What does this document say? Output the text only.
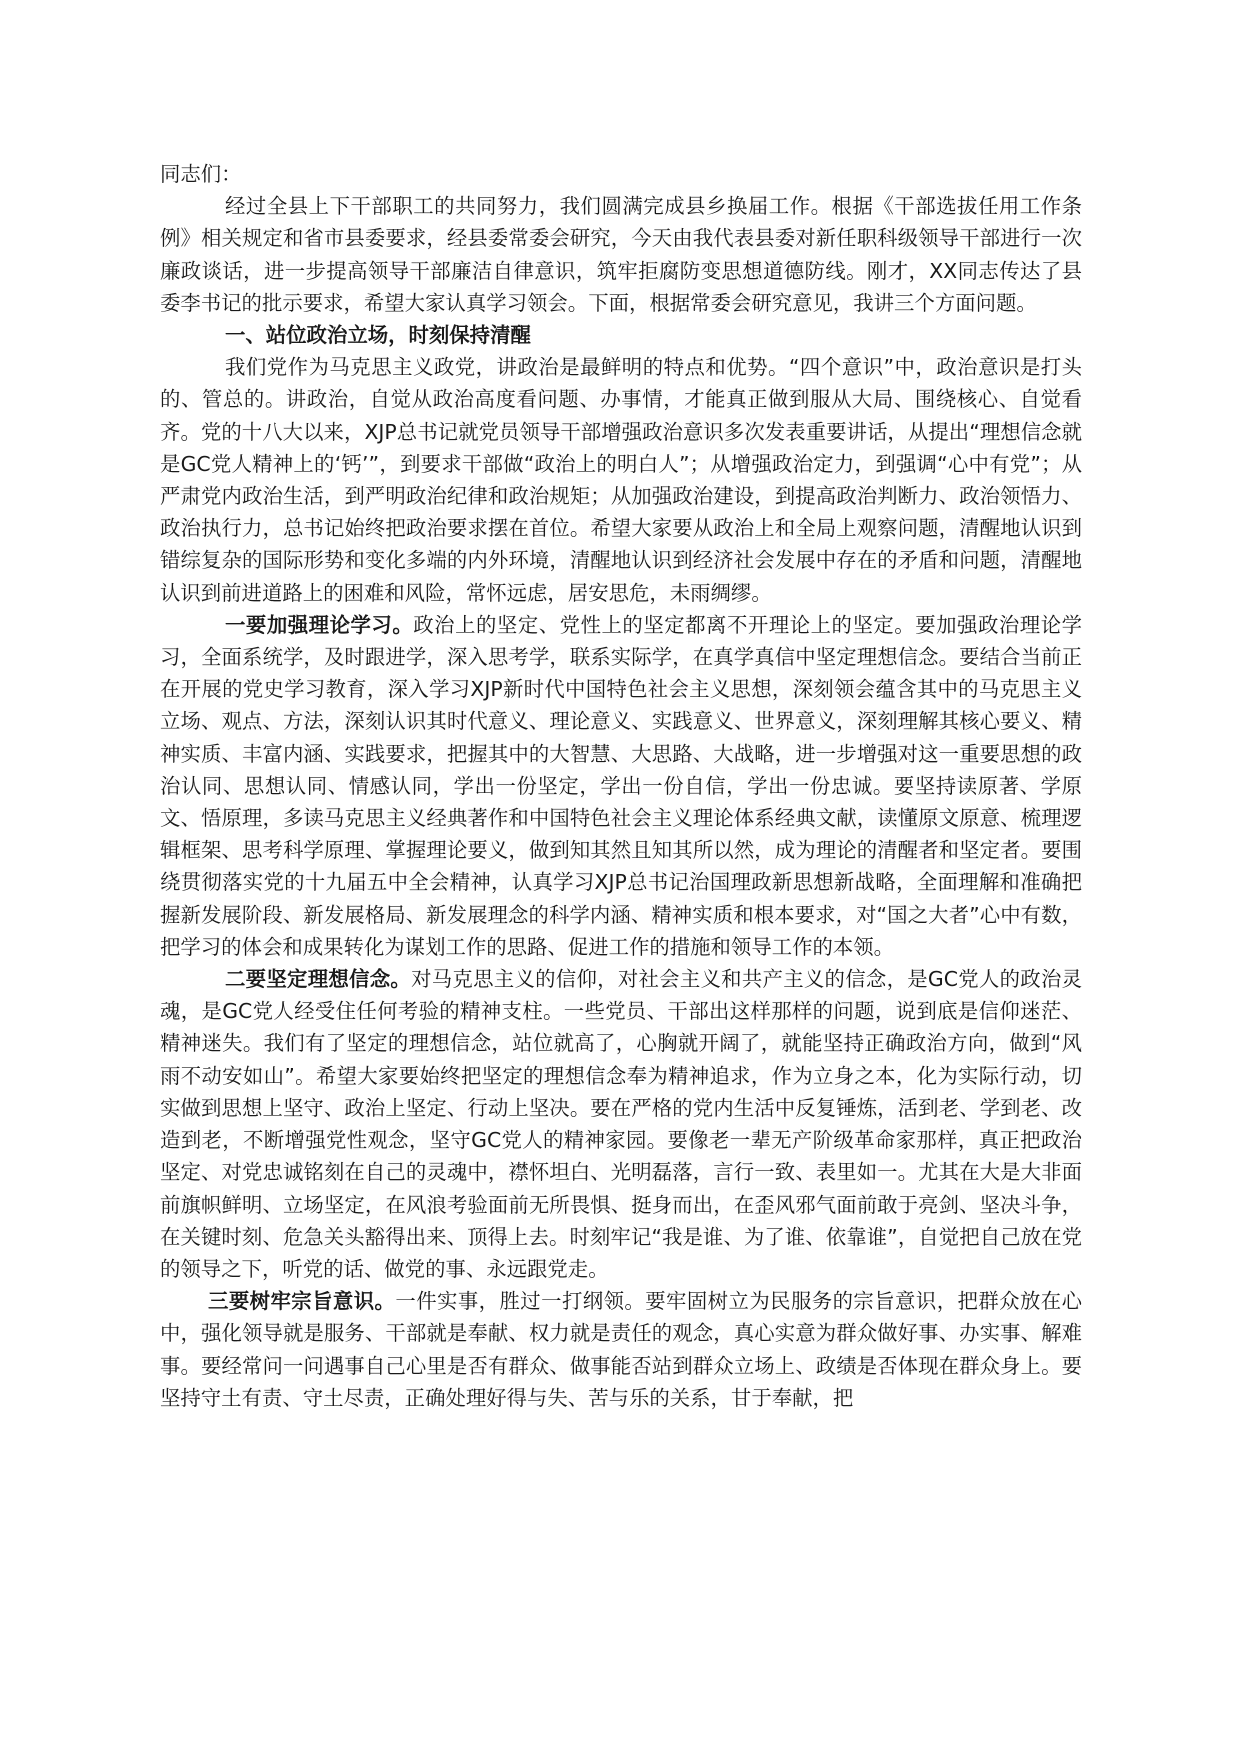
同志们：

经过全县上下干部职工的共同努力，我们圆满完成县乡换届工作。根据《干部选拔任用工作条例》相关规定和省市县委要求，经县委常委会研究，今天由我代表县委对新任职科级领导干部进行一次廉政谈话，进一步提高领导干部廉洁自律意识，筑牢拒腐防变思想道德防线。刚才，XX同志传达了县委李书记的批示要求，希望大家认真学习领会。下面，根据常委会研究意见，我讲三个方面问题。

一、站位政治立场，时刻保持清醒

我们党作为马克思主义政党，讲政治是最鲜明的特点和优势。“四个意识”中，政治意识是打头的、管总的。讲政治，自觉从政治高度看问题、办事情，才能真正做到服从大局、围绕核心、自觉看齐。党的十八大以来，XJP总书记就党员领导干部增强政治意识多次发表重要讲话，从提出“理想信念就是GC党人精神上的‘钙’”，到要求干部做“政治上的明白人”；从增强政治定力，到强调“心中有党”；从严肃党内政治生活，到严明政治纪律和政治规矩；从加强政治建设，到提高政治判断力、政治领悟力、政治执行力，总书记始终把政治要求摆在首位。希望大家要从政治上和全局上观察问题，清醒地认识到错综复杂的国际形势和变化多端的内外环境，清醒地认识到经济社会发展中存在的矛盾和问题，清醒地认识到前进道路上的困难和风险，常怀远虑，居安思危，未雨绸缪。

一要加强理论学习。政治上的坚定、党性上的坚定都离不开理论上的坚定。要加强政治理论学习，全面系统学，及时跟进学，深入思考学，联系实际学，在真学真信中坚定理想信念。要结合当前正在开展的党史学习教育，深入学习XJP新时代中国特色社会主义思想，深刻领会蕴含其中的马克思主义立场、观点、方法，深刻认识其时代意义、理论意义、实践意义、世界意义，深刻理解其核心要义、精神实质、丰富内涵、实践要求，把握其中的大智慧、大思路、大战略，进一步增强对这一重要思想的政治认同、思想认同、情感认同，学出一份坚定，学出一份自信，学出一份忠诚。要坚持读原著、学原文、悟原理，多读马克思主义经典著作和中国特色社会主义理论体系经典文献，读懂原文原意、梳理逻辑框架、思考科学原理、掌握理论要义，做到知其然且知其所以然，成为理论的清醒者和坚定者。要围绕贯彻落实党的十九届五中全会精神，认真学习XJP总书记治国理政新思想新战略，全面理解和准确把握新发展阶段、新发展格局、新发展理念的科学内涵、精神实质和根本要求，对“国之大者”心中有数，把学习的体会和成果转化为谋划工作的思路、促进工作的措施和领导工作的本领。

二要坚定理想信念。对马克思主义的信仰，对社会主义和共产主义的信念，是GC党人的政治灵魂，是GC党人经受住任何考验的精神支柱。一些党员、干部出这样那样的问题，说到底是信仰迷茫、精神迷失。我们有了坚定的理想信念，站位就高了，心胸就开阔了，就能坚持正确政治方向，做到“风雨不动安如山”。希望大家要始终把坚定的理想信念奉为精神追求，作为立身之本，化为实际行动，切实做到思想上坚守、政治上坚定、行动上坚决。要在严格的党内生活中反复锤炼，活到老、学到老、改造到老，不断增强党性观念，坚守GC党人的精神家园。要像老一辈无产阶级革命家那样，真正把政治坚定、对党忠诚铭刻在自己的灵魂中，襟怀坦白、光明磊落，言行一致、表里如一。尤其在大是大非面前旗帜鲜明、立场坚定，在风浪考验面前无所畏惧、挺身而出，在歪风邪气面前敢于亮剑、坚决斗争，在关键时刻、危急关头豁得出来、顶得上去。时刻牢记“我是谁、为了谁、依靠谁”，自觉把自己放在党的领导之下，听党的话、做党的事、永远跟党走。

三要树牢宗旨意识。一件实事，胜过一打纲领。要牢固树立为民服务的宗旨意识，把群众放在心中，强化领导就是服务、干部就是奉献、权力就是责任的观念，真心实意为群众做好事、办实事、解难事。要经常问一问遇事自己心里是否有群众、做事能否站到群众立场上、政绩是否体现在群众身上。要坚持守土有责、守土尽责，正确处理好得与失、苦与乐的关系，甘于奉献，把
